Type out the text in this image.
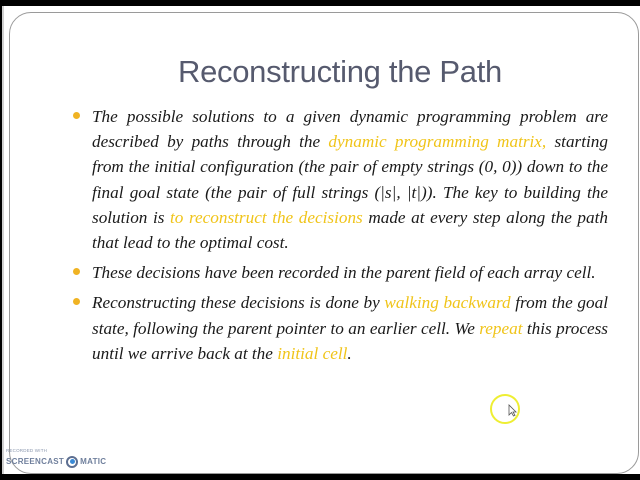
Reconstructing the Path
The possible solutions to a given dynamic programming problem are described by paths through the dynamic programming matrix, starting from the initial configuration (the pair of empty strings (0, 0)) down to the final goal state (the pair of full strings (|s|, |t|)). The key to building the solution is to reconstruct the decisions made at every step along the path that lead to the optimal cost.
These decisions have been recorded in the parent field of each array cell.
Reconstructing these decisions is done by walking backward from the goal state, following the parent pointer to an earlier cell. We repeat this process until we arrive back at the initial cell.
RECORDED WITH
SCREENCAST MATIC
